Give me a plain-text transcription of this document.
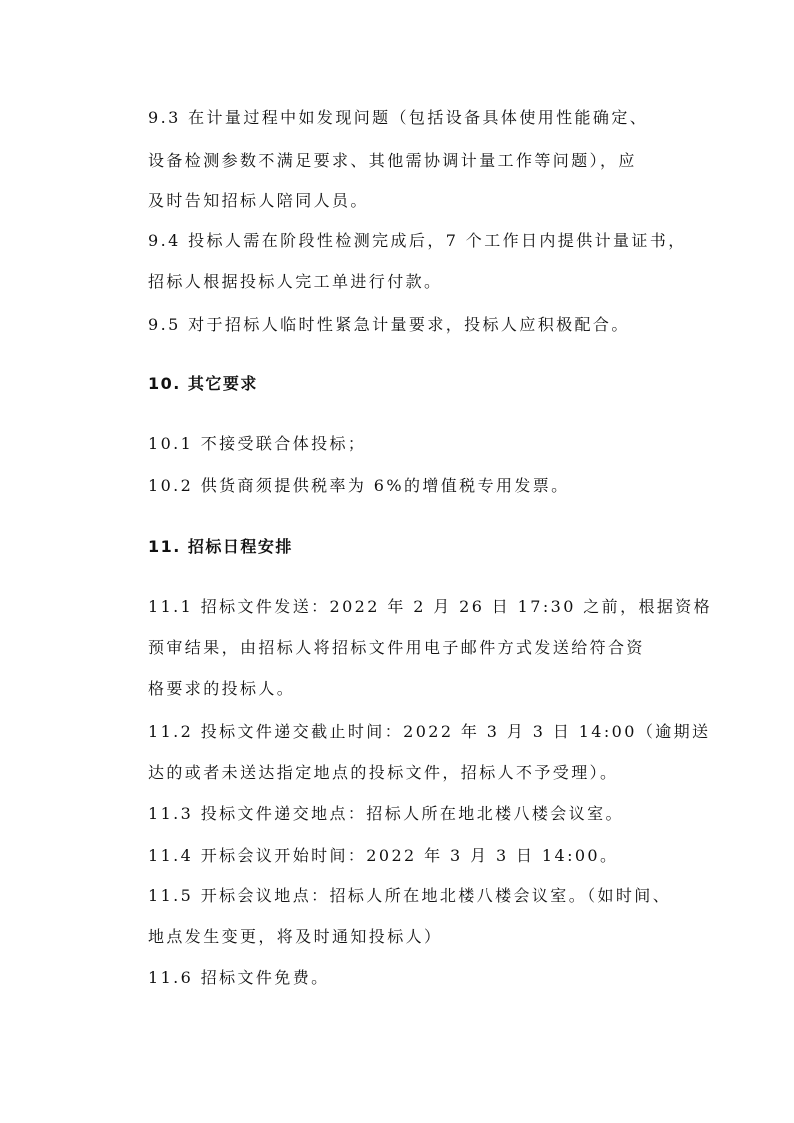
9.3 在计量过程中如发现问题（包括设备具体使用性能确定、
设备检测参数不满足要求、其他需协调计量工作等问题），应
及时告知招标人陪同人员。
9.4 投标人需在阶段性检测完成后，7 个工作日内提供计量证书，
招标人根据投标人完工单进行付款。
9.5 对于招标人临时性紧急计量要求，投标人应积极配合。
10. 其它要求
10.1 不接受联合体投标；
10.2 供货商须提供税率为 6%的增值税专用发票。
11. 招标日程安排
11.1 招标文件发送：2022 年 2 月 26 日 17:30 之前，根据资格
预审结果，由招标人将招标文件用电子邮件方式发送给符合资
格要求的投标人。
11.2 投标文件递交截止时间：2022 年 3 月 3 日 14:00（逾期送
达的或者未送达指定地点的投标文件，招标人不予受理）。
11.3 投标文件递交地点：招标人所在地北楼八楼会议室。
11.4 开标会议开始时间：2022 年 3 月 3 日 14:00。
11.5 开标会议地点：招标人所在地北楼八楼会议室。（如时间、
地点发生变更，将及时通知投标人）
11.6 招标文件免费。
